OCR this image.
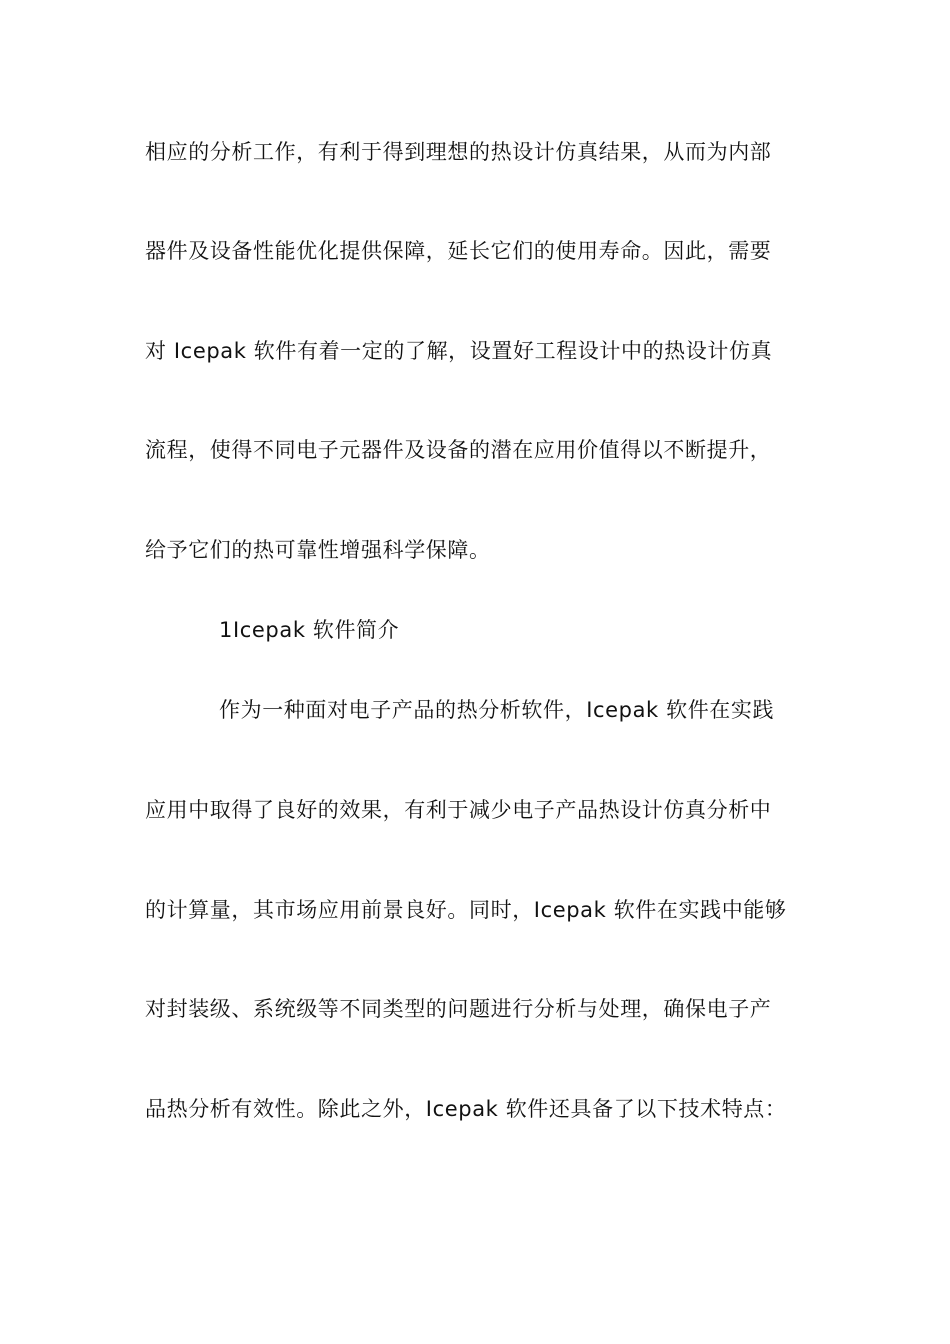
相应的分析工作，有利于得到理想的热设计仿真结果，从而为内部
器件及设备性能优化提供保障，延长它们的使用寿命。因此，需要
对 Icepak 软件有着一定的了解，设置好工程设计中的热设计仿真
流程，使得不同电子元器件及设备的潜在应用价值得以不断提升，
给予它们的热可靠性增强科学保障。
1Icepak 软件简介
作为一种面对电子产品的热分析软件，Icepak 软件在实践
应用中取得了良好的效果，有利于减少电子产品热设计仿真分析中
的计算量，其市场应用前景良好。同时，Icepak 软件在实践中能够
对封装级、系统级等不同类型的问题进行分析与处理，确保电子产
品热分析有效性。除此之外，Icepak 软件还具备了以下技术特点：
